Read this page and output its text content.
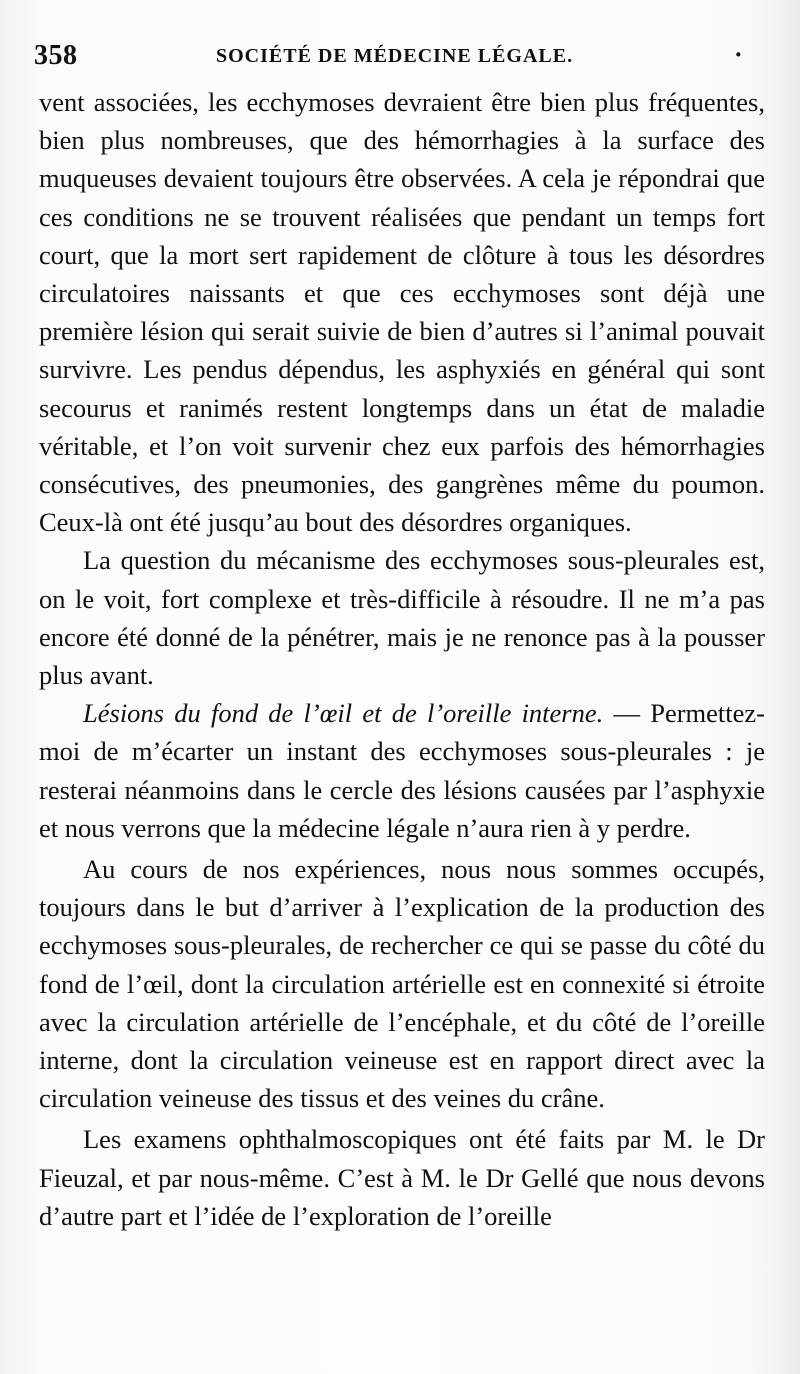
358	SOCIÉTÉ DE MÉDECINE LÉGALE.	·

vent associées, les ecchymoses devraient être bien plus fréquentes, bien plus nombreuses, que des hémorrhagies à la surface des muqueuses devaient toujours être observées. A cela je répondrai que ces conditions ne se trouvent réalisées que pendant un temps fort court, que la mort sert rapidement de clôture à tous les désordres circulatoires naissants et que ces ecchymoses sont déjà une première lésion qui serait suivie de bien d’autres si l’animal pouvait survivre. Les pendus dépendus, les asphyxiés en général qui sont secourus et ranimés restent longtemps dans un état de maladie véritable, et l’on voit survenir chez eux parfois des hémorrhagies consécutives, des pneumonies, des gangrènes même du poumon. Ceux-là ont été jusqu’au bout des désordres organiques.

La question du mécanisme des ecchymoses sous-pleurales est, on le voit, fort complexe et très-difficile à résoudre. Il ne m’a pas encore été donné de la pénétrer, mais je ne renonce pas à la pousser plus avant.

Lésions du fond de l’œil et de l’oreille interne. — Permettez-moi de m’écarter un instant des ecchymoses sous-pleurales : je resterai néanmoins dans le cercle des lésions causées par l’asphyxie et nous verrons que la médecine légale n’aura rien à y perdre.

Au cours de nos expériences, nous nous sommes occupés, toujours dans le but d’arriver à l’explication de la production des ecchymoses sous-pleurales, de rechercher ce qui se passe du côté du fond de l’œil, dont la circulation artérielle est en connexité si étroite avec la circulation artérielle de l’encéphale, et du côté de l’oreille interne, dont la circulation veineuse est en rapport direct avec la circulation veineuse des tissus et des veines du crâne.

Les examens ophthalmoscopiques ont été faits par M. le Dr Fieuzal, et par nous-même. C’est à M. le Dr Gellé que nous devons d’autre part et l’idée de l’exploration de l’oreille
